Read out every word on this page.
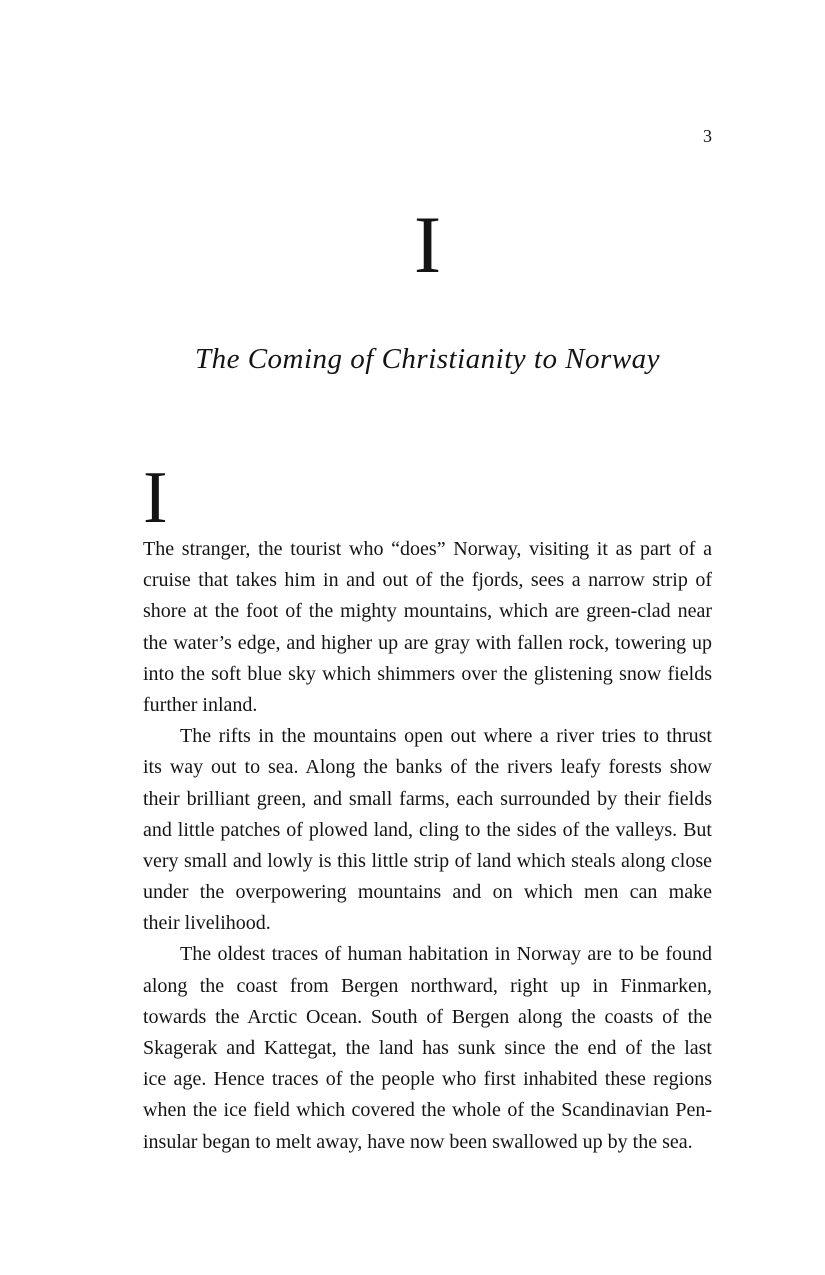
3
I
The Coming of Christianity to Norway
I
The stranger, the tourist who “does” Norway, visiting it as part of a
cruise that takes him in and out of the fjords, sees a narrow strip of
shore at the foot of the mighty mountains, which are green-clad near
the water’s edge, and higher up are gray with fallen rock, towering up
into the soft blue sky which shimmers over the glistening snow fields
further inland.
The rifts in the mountains open out where a river tries to thrust
its way out to sea. Along the banks of the rivers leafy forests show
their brilliant green, and small farms, each surrounded by their fields
and little patches of plowed land, cling to the sides of the valleys. But
very small and lowly is this little strip of land which steals along close
under the overpowering mountains and on which men can make
their livelihood.
The oldest traces of human habitation in Norway are to be found
along the coast from Bergen northward, right up in Finmarken,
towards the Arctic Ocean. South of Bergen along the coasts of the
Skagerak and Kattegat, the land has sunk since the end of the last
ice age. Hence traces of the people who first inhabited these regions
when the ice field which covered the whole of the Scandinavian Pen-
insular began to melt away, have now been swallowed up by the sea.
